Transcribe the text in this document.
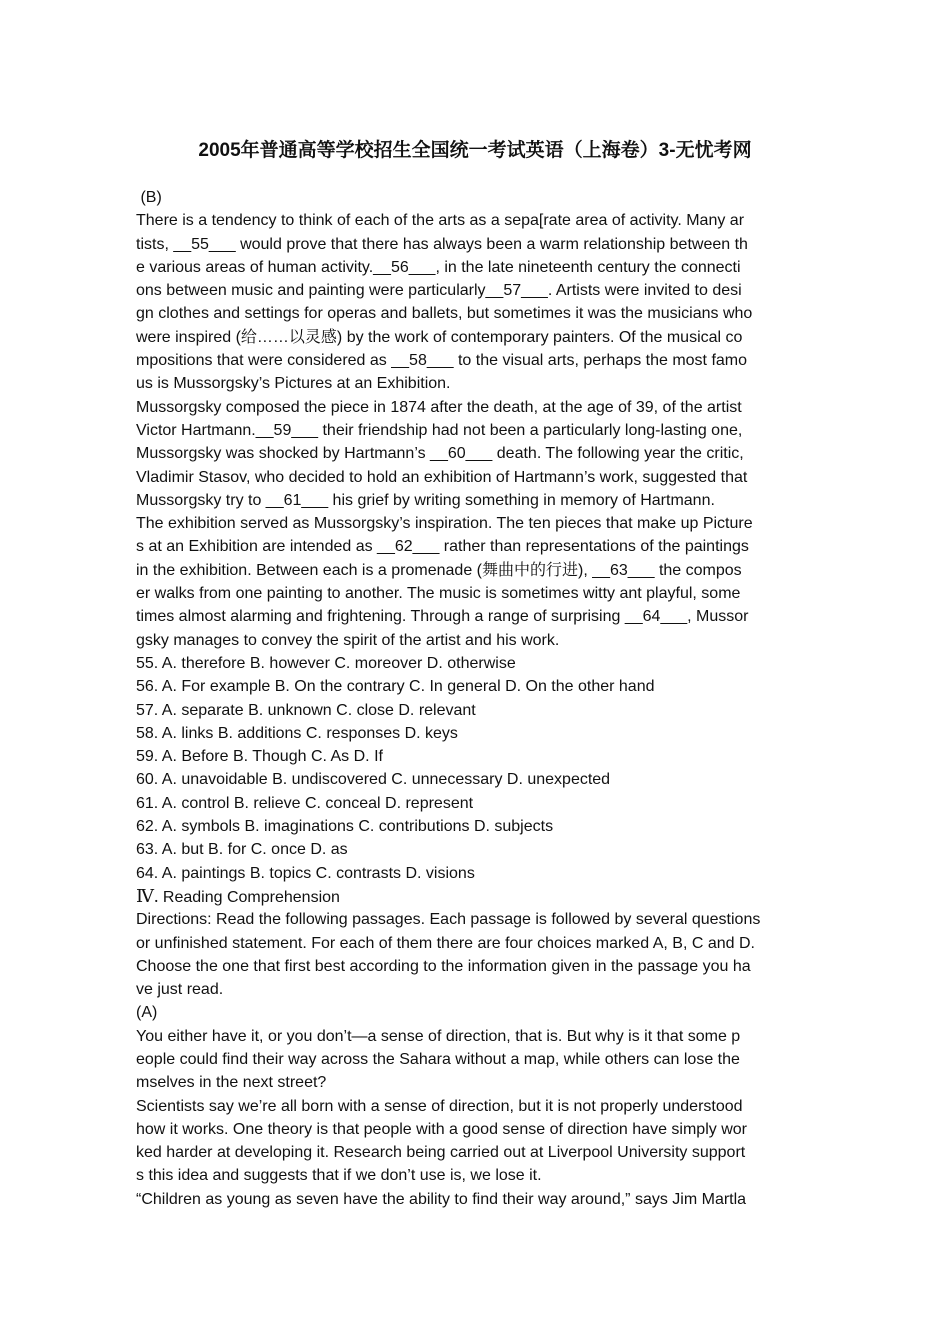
2005年普通高等学校招生全国统一考试英语（上海卷）3-无忧考网
(B)
There is a tendency to think of each of the arts as a sepa[rate area of activity. Many ar
tists, __55___ would prove that there has always been a warm relationship between th
e various areas of human activity.__56___, in the late nineteenth century the connecti
ons between music and painting were particularly__57___. Artists were invited to desi
gn clothes and settings for operas and ballets, but sometimes it was the musicians who
were inspired (给……以灵感) by the work of contemporary painters. Of the musical co
mpositions that were considered as __58___ to the visual arts, perhaps the most famo
us is Mussorgsky’s Pictures at an Exhibition.
Mussorgsky composed the piece in 1874 after the death, at the age of 39, of the artist
Victor Hartmann.__59___ their friendship had not been a particularly long-lasting one,
Mussorgsky was shocked by Hartmann’s __60___ death. The following year the critic,
Vladimir Stasov, who decided to hold an exhibition of Hartmann’s work, suggested that
Mussorgsky try to __61___ his grief by writing something in memory of Hartmann.
The exhibition served as Mussorgsky’s inspiration. The ten pieces that make up Picture
s at an Exhibition are intended as __62___ rather than representations of the paintings
in the exhibition. Between each is a promenade (舞曲中的行进), __63___ the compos
er walks from one painting to another. The music is sometimes witty ant playful, some
times almost alarming and frightening. Through a range of surprising __64___, Mussor
gsky manages to convey the spirit of the artist and his work.
55. A. therefore B. however C. moreover D. otherwise
56. A. For example B. On the contrary C. In general D. On the other hand
57. A. separate B. unknown C. close D. relevant
58. A. links B. additions C. responses D. keys
59. A. Before B. Though C. As D. If
60. A. unavoidable B. undiscovered C. unnecessary D. unexpected
61. A. control B. relieve C. conceal D. represent
62. A. symbols B. imaginations C. contributions D. subjects
63. A. but B. for C. once D. as
64. A. paintings B. topics C. contrasts D. visions
Ⅳ. Reading Comprehension
Directions: Read the following passages. Each passage is followed by several questions
or unfinished statement. For each of them there are four choices marked A, B, C and D.
Choose the one that first best according to the information given in the passage you ha
ve just read.
(A)
You either have it, or you don’t—a sense of direction, that is. But why is it that some p
eople could find their way across the Sahara without a map, while others can lose the
mselves in the next street?
Scientists say we’re all born with a sense of direction, but it is not properly understood
how it works. One theory is that people with a good sense of direction have simply wor
ked harder at developing it. Research being carried out at Liverpool University support
s this idea and suggests that if we don’t use is, we lose it.
“Children as young as seven have the ability to find their way around,” says Jim Martla
